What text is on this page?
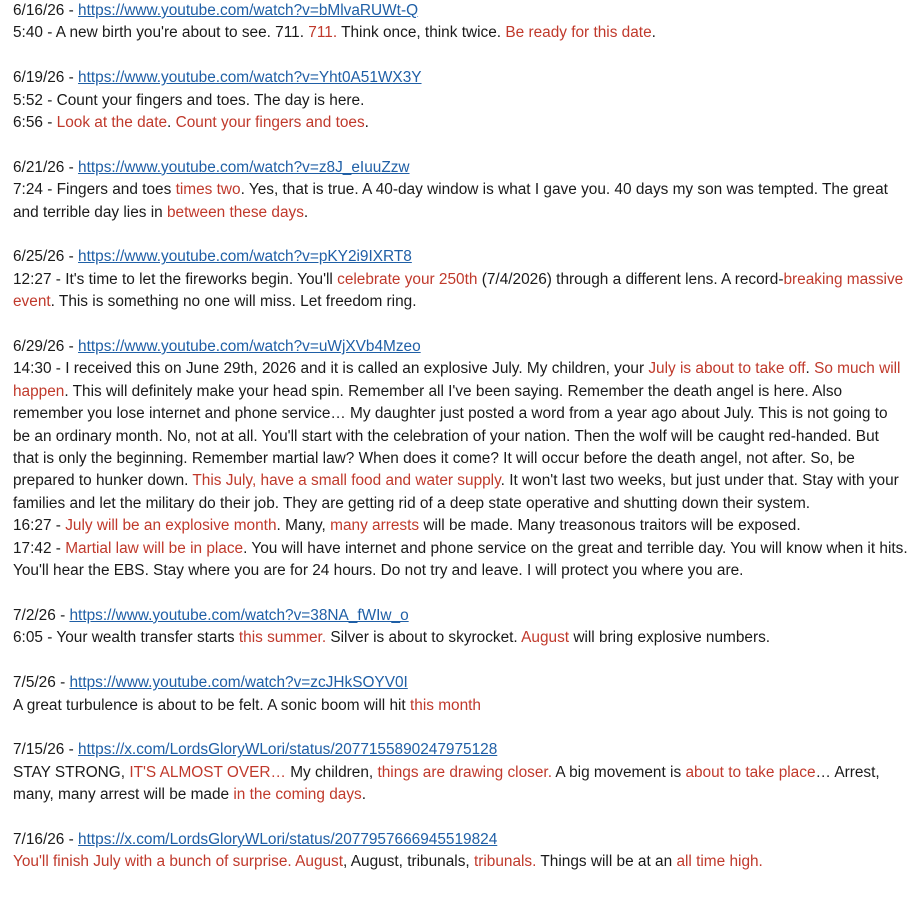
6/16/26 - https://www.youtube.com/watch?v=bMlvaRUWt-Q
5:40 - A new birth you're about to see. 711. 711. Think once, think twice. Be ready for this date.
6/19/26 - https://www.youtube.com/watch?v=Yht0A51WX3Y
5:52 - Count your fingers and toes. The day is here.
6:56 - Look at the date. Count your fingers and toes.
6/21/26 - https://www.youtube.com/watch?v=z8J_eIuuZzw
7:24 - Fingers and toes times two. Yes, that is true. A 40-day window is what I gave you. 40 days my son was tempted. The great and terrible day lies in between these days.
6/25/26 - https://www.youtube.com/watch?v=pKY2i9IXRT8
12:27 - It's time to let the fireworks begin. You'll celebrate your 250th (7/4/2026) through a different lens. A record-breaking massive event. This is something no one will miss. Let freedom ring.
6/29/26 - https://www.youtube.com/watch?v=uWjXVb4Mzeo
14:30 - I received this on June 29th, 2026 and it is called an explosive July. My children, your July is about to take off. So much will happen. This will definitely make your head spin. Remember all I've been saying. Remember the death angel is here. Also remember you lose internet and phone service… My daughter just posted a word from a year ago about July. This is not going to be an ordinary month. No, not at all. You'll start with the celebration of your nation. Then the wolf will be caught red-handed. But that is only the beginning. Remember martial law? When does it come? It will occur before the death angel, not after. So, be prepared to hunker down. This July, have a small food and water supply. It won't last two weeks, but just under that. Stay with your families and let the military do their job. They are getting rid of a deep state operative and shutting down their system.
16:27 - July will be an explosive month. Many, many arrests will be made. Many treasonous traitors will be exposed.
17:42 - Martial law will be in place. You will have internet and phone service on the great and terrible day. You will know when it hits. You'll hear the EBS. Stay where you are for 24 hours. Do not try and leave. I will protect you where you are.
7/2/26 - https://www.youtube.com/watch?v=38NA_fWIw_o
6:05 - Your wealth transfer starts this summer. Silver is about to skyrocket. August will bring explosive numbers.
7/5/26 - https://www.youtube.com/watch?v=zcJHkSOYV0I
A great turbulence is about to be felt. A sonic boom will hit this month
7/15/26 - https://x.com/LordsGloryWLori/status/2077155890247975128
STAY STRONG, IT'S ALMOST OVER… My children, things are drawing closer. A big movement is about to take place… Arrest, many, many arrest will be made in the coming days.
7/16/26 - https://x.com/LordsGloryWLori/status/2077957666945519824
You'll finish July with a bunch of surprise. August, August, tribunals, tribunals. Things will be at an all time high.
